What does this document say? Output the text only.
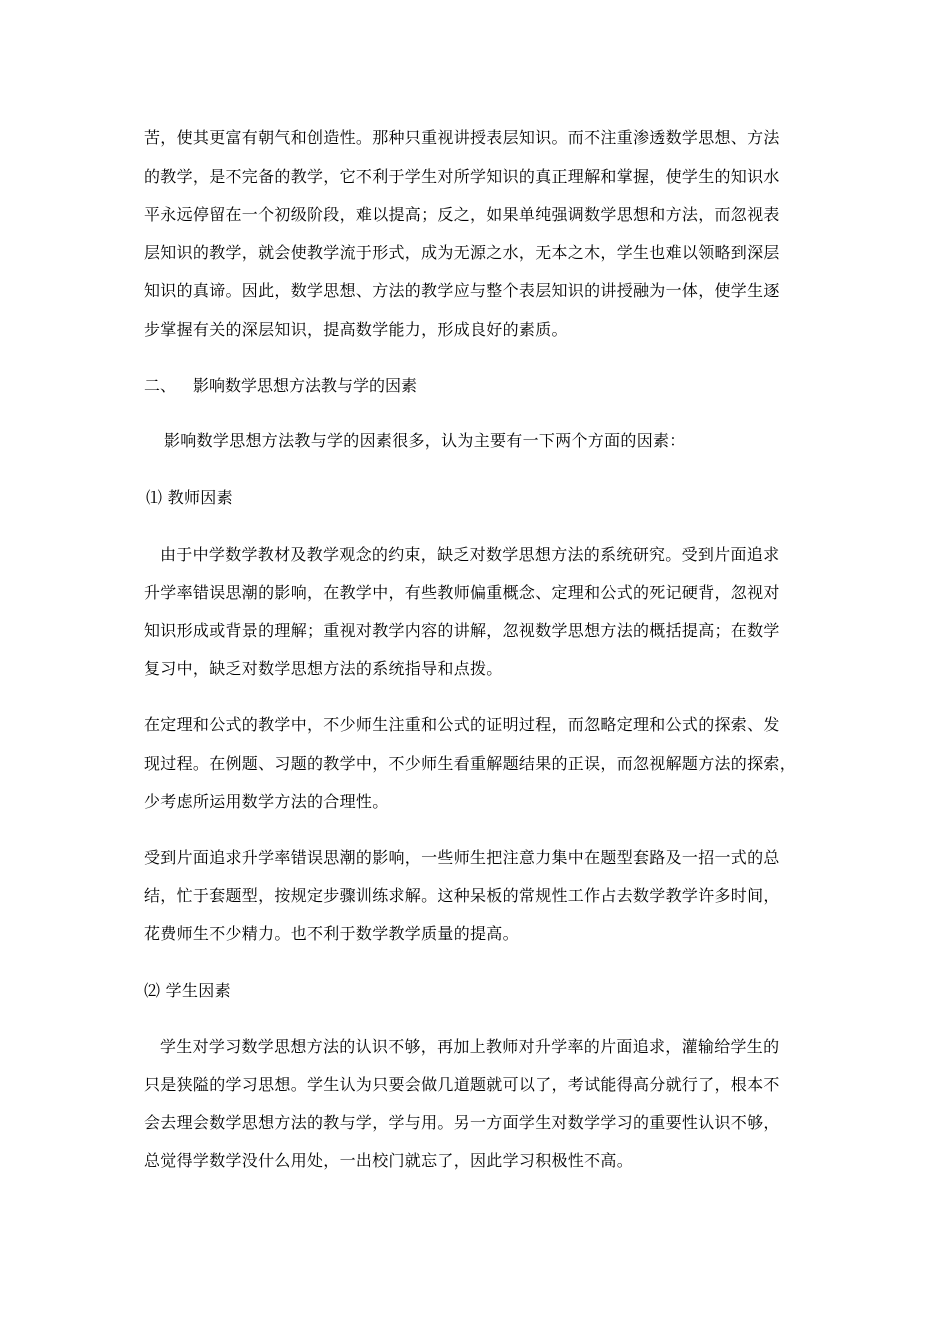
苦，使其更富有朝气和创造性。那种只重视讲授表层知识。而不注重渗透数学思想、方法
的教学，是不完备的教学，它不利于学生对所学知识的真正理解和掌握，使学生的知识水
平永远停留在一个初级阶段，难以提高；反之，如果单纯强调数学思想和方法，而忽视表
层知识的教学，就会使教学流于形式，成为无源之水，无本之木，学生也难以领略到深层
知识的真谛。因此，数学思想、方法的教学应与整个表层知识的讲授融为一体，使学生逐
步掌握有关的深层知识，提高数学能力，形成良好的素质。
二、 影响数学思想方法教与学的因素
影响数学思想方法教与学的因素很多，认为主要有一下两个方面的因素：
⑴ 教师因素
由于中学数学教材及教学观念的约束，缺乏对数学思想方法的系统研究。受到片面追求
升学率错误思潮的影响，在教学中，有些教师偏重概念、定理和公式的死记硬背，忽视对
知识形成或背景的理解；重视对教学内容的讲解，忽视数学思想方法的概括提高；在数学
复习中，缺乏对数学思想方法的系统指导和点拨。
在定理和公式的教学中，不少师生注重和公式的证明过程，而忽略定理和公式的探索、发
现过程。在例题、习题的教学中，不少师生看重解题结果的正误，而忽视解题方法的探索，
少考虑所运用数学方法的合理性。
受到片面追求升学率错误思潮的影响，一些师生把注意力集中在题型套路及一招一式的总
结，忙于套题型，按规定步骤训练求解。这种呆板的常规性工作占去数学教学许多时间，
花费师生不少精力。也不利于数学教学质量的提高。
⑵ 学生因素
学生对学习数学思想方法的认识不够，再加上教师对升学率的片面追求，灌输给学生的
只是狭隘的学习思想。学生认为只要会做几道题就可以了，考试能得高分就行了，根本不
会去理会数学思想方法的教与学，学与用。另一方面学生对数学学习的重要性认识不够，
总觉得学数学没什么用处，一出校门就忘了，因此学习积极性不高。
